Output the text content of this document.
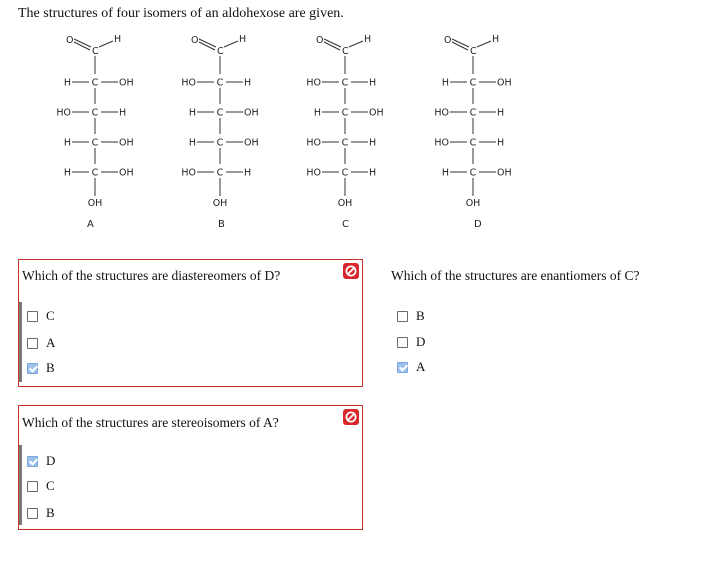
The structures of four isomers of an aldohexose are given.
O
C
H
C
H	OH
C
HO	H
C
H	OH
C
H	OH
OH
O
C
H
C
HO	H
C
H	OH
C
H	OH
C
HO	H
OH
O
C
H
C
HO	H
C
H	OH
C
HO	H
C
HO	H
OH
O
C
H
C
H	OH
C
HO	H
C
HO	H
C
H	OH
OH
A	B	C	D
Which of the structures are diastereomers of D?
C
A
B
Which of the structures are enantiomers of C?
B
D
A
Which of the structures are stereoisomers of A?
D
C
B
